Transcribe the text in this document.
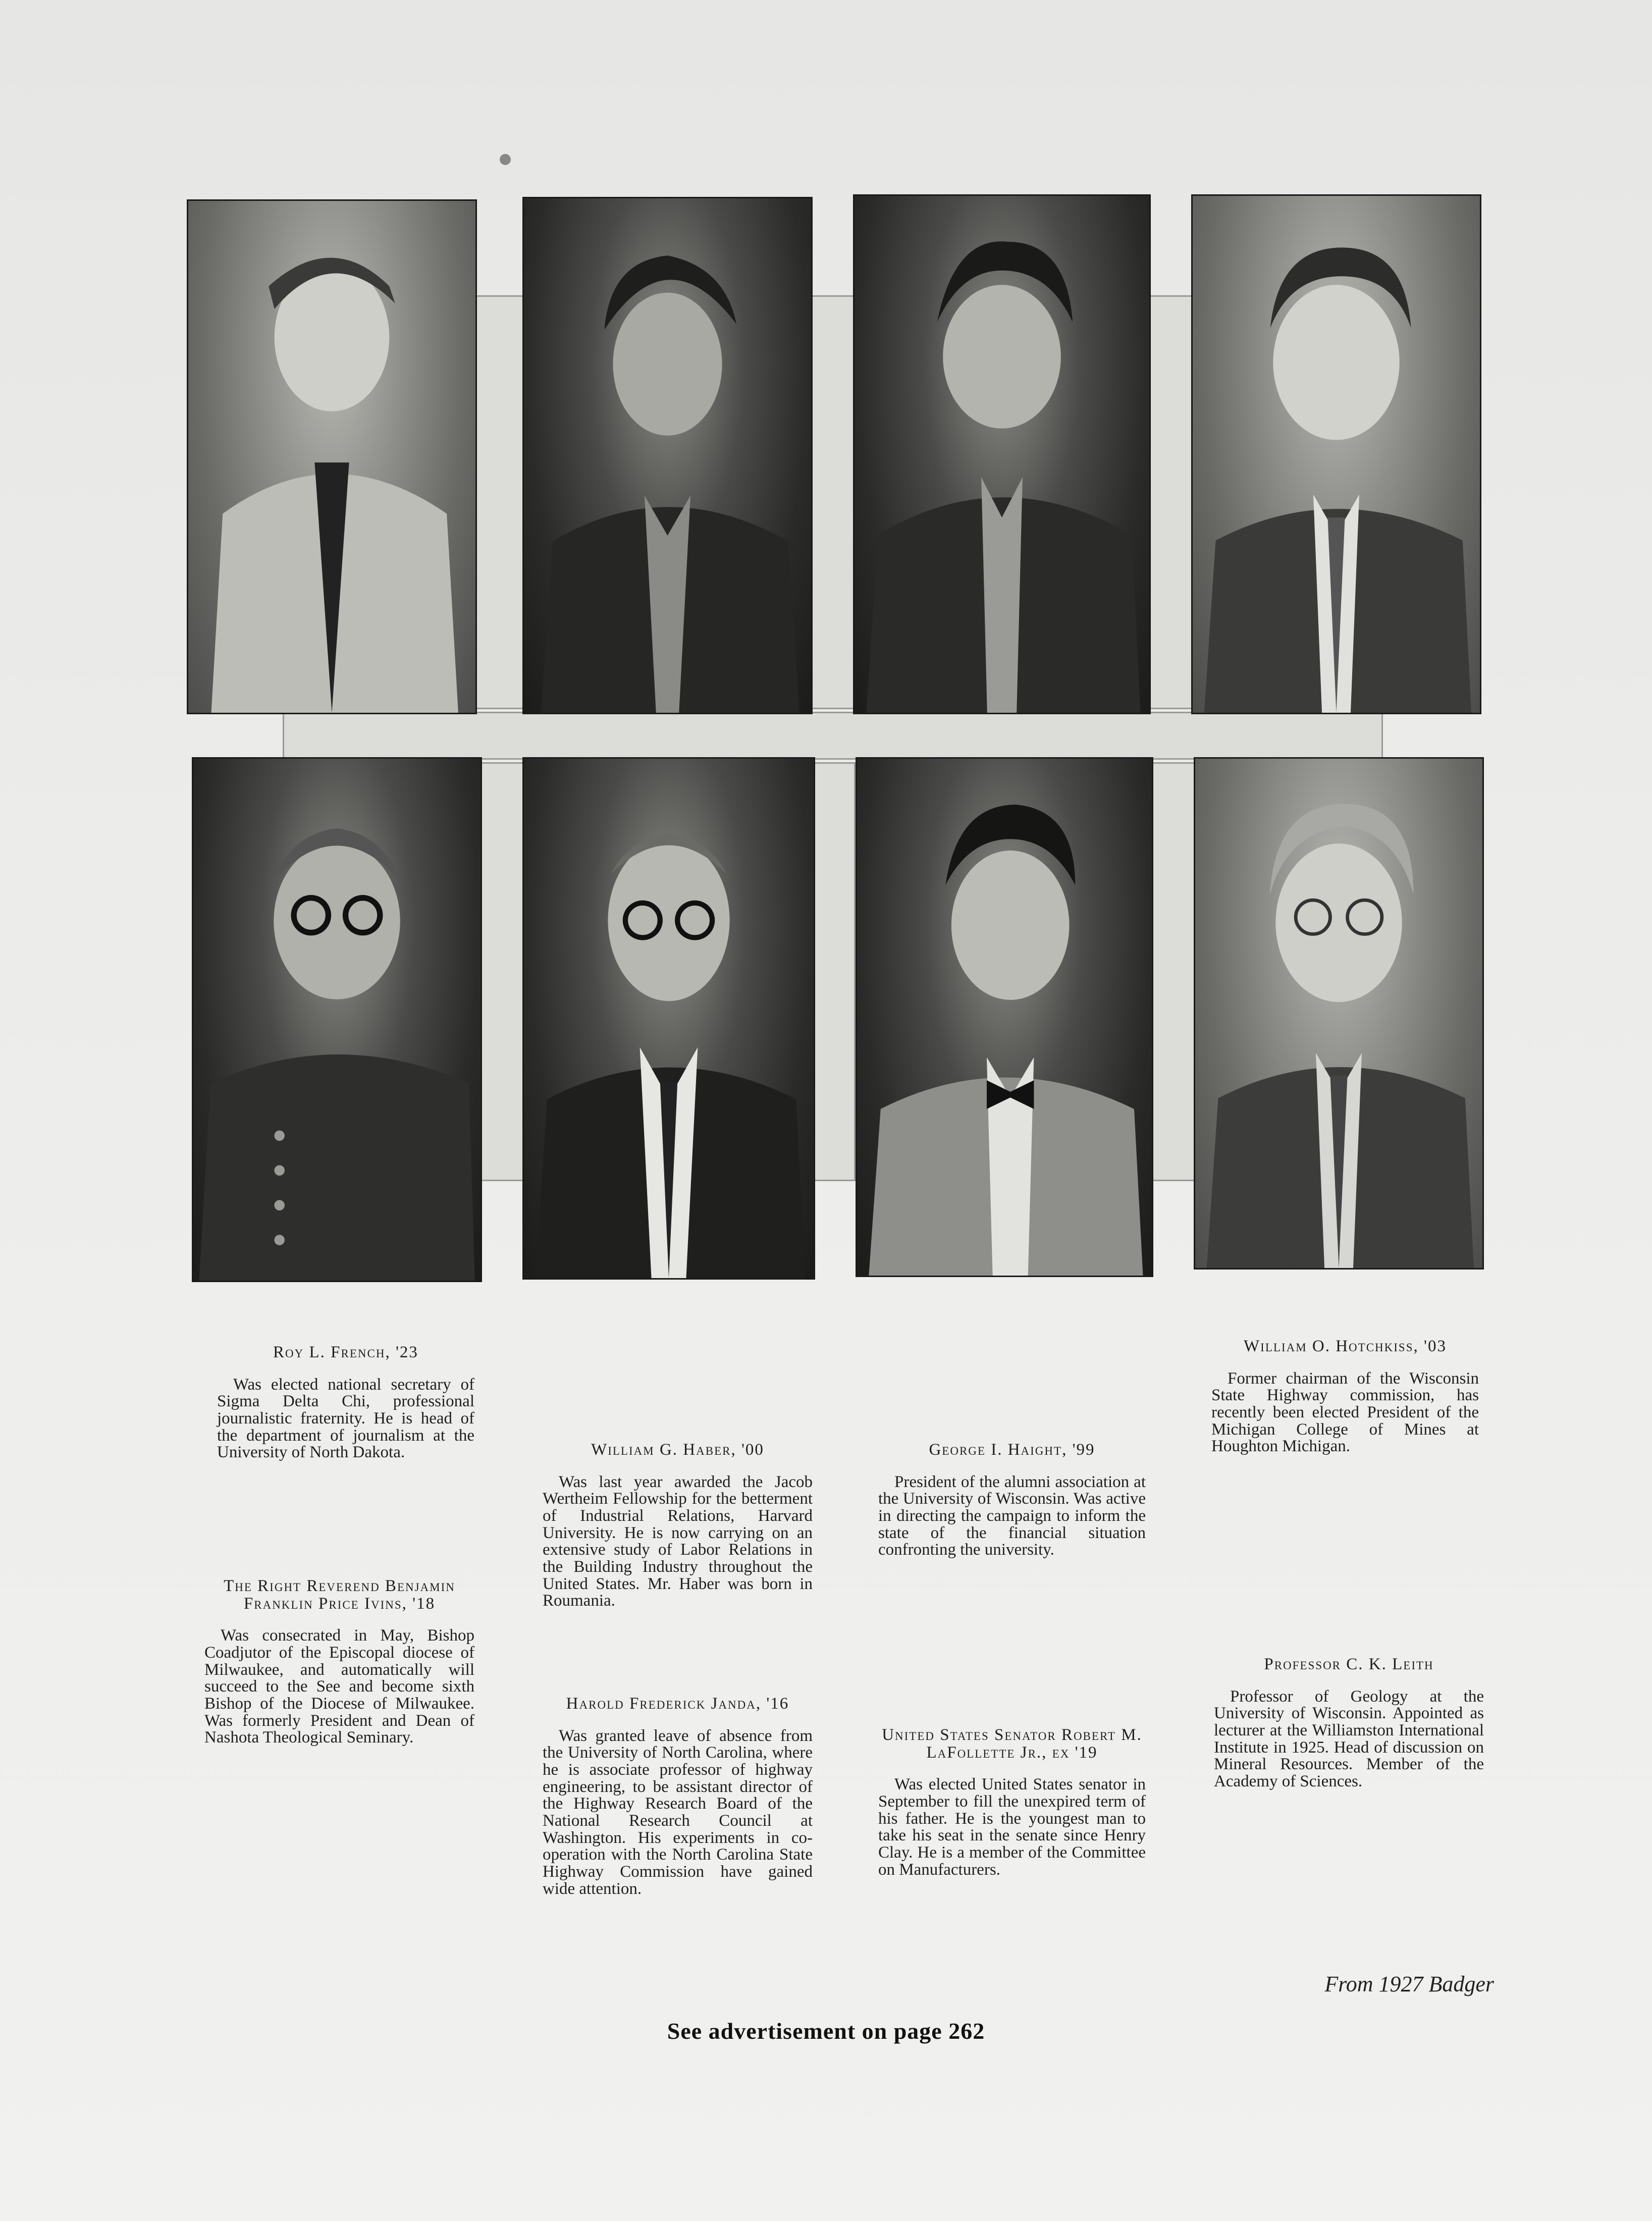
Roy L. French, '23
Was elected national secretary of Sigma Delta Chi, professional journalistic fraternity. He is head of the department of journalism at the University of North Dakota.
William O. Hotchkiss, '03
Former chairman of the Wisconsin State Highway commission, has recently been elected President of the Michigan College of Mines at Houghton Michigan.
William G. Haber, '00
Was last year awarded the Jacob Wertheim Fellowship for the betterment of Industrial Relations, Harvard University. He is now carrying on an extensive study of Labor Relations in the Building Industry throughout the United States. Mr. Haber was born in Roumania.
George I. Haight, '99
President of the alumni association at the University of Wisconsin. Was active in directing the campaign to inform the state of the financial situation confronting the university.
The Right Reverend Benjamin Franklin Price Ivins, '18
Was consecrated in May, Bishop Coadjutor of the Episcopal diocese of Milwaukee, and automatically will succeed to the See and become sixth Bishop of the Diocese of Milwaukee. Was formerly President and Dean of Nashota Theological Seminary.
Harold Frederick Janda, '16
Was granted leave of absence from the University of North Carolina, where he is associate professor of highway engineering, to be assistant director of the Highway Research Board of the National Research Council at Washington. His experiments in co-operation with the North Carolina State Highway Commission have gained wide attention.
United States Senator Robert M. LaFollette Jr., ex '19
Was elected United States senator in September to fill the unexpired term of his father. He is the youngest man to take his seat in the senate since Henry Clay. He is a member of the Committee on Manufacturers.
Professor C. K. Leith
Professor of Geology at the University of Wisconsin. Appointed as lecturer at the Williamston International Institute in 1925. Head of discussion on Mineral Resources. Member of the Academy of Sciences.
From 1927 Badger
See advertisement on page 262
